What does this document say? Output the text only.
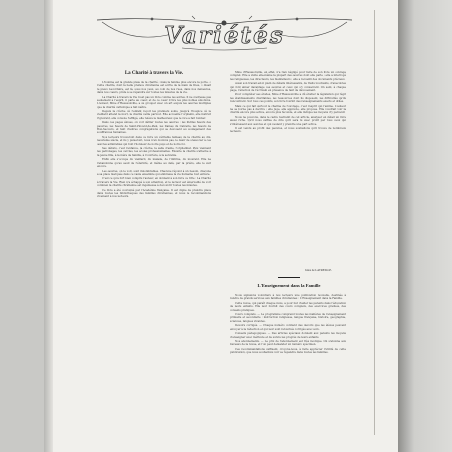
Variétés
La Charité à travers la Vie.

L'homme est la grande plaie de la charité ; mais la femme plus encore la porte. « Cette charité, dont la belle preface chrétienne est écrite de la main de Dieu, » disait le pieux Lacordaire, est là, sous nos yeux, au coin de nos rues, dans nos demeures, dans nos cœurs, prête à se répandre sur toutes les misères de la vie.

La Charité à travers la Vie n'est pas un livre comme les autres. Il ne s'adresse pas seulement à l'esprit, il parle au cœur, et de ce cœur il tire les plus nobles émotions. L'auteur, Mme d'Haussonville, a su grouper avec un art exquis les œuvres multiples que la charité catholique a fait naître.

Depuis la crèche où l'enfant reçoit les premiers soins, jusqu'à l'hospice où le vieillard attend la mort, la charité veille partout. Elle accueille l'orphelin, elle instruit l'ignorant, elle console l'affligé, elle relève le malheureux que le vice a fait tomber.

Dans ces pages émues, on voit défiler toutes les œuvres : les Petites Sœurs des pauvres, les Sœurs de Saint-Vincent-de-Paul, les Dames du Calvaire, les Sœurs de Bon-Secours, et tant d'autres congrégations qui se dévouent au soulagement des souffrances humaines.

Nos lecteurs trouveront dans ce livre un véritable tableau de la charité au dix-neuvième siècle, et ils y puiseront, nous n'en doutons pas, le désir de s'associer à ces œuvres admirables qui font l'honneur de notre pays et de notre foi.

Ses débuts, c'est l'enfance, la crèche, la salle d'asile, l'orphelinat. Puis viennent les patronages, les cercles, les écoles professionnelles. Ensuite la charité s'attache à la jeune fille, à la mère de famille, à l'ouvrière, à la servante.

Enfin elle s'occupe du vieillard, du malade, de l'infirme, du mourant. Elle ne l'abandonne qu'au seuil de l'éternité, et même au delà, par la prière, elle le suit encore.

Les œuvres, on le voit, sont innombrables. Chacune répond à un besoin, chacune a sa place marquée dans ce vaste ensemble qui embrasse la vie humaine tout entière.

C'est ce qu'a fort bien compris l'auteur, en donnant à son livre ce titre : La Charité à travers la Vie. Rien n'a échappé à son attention, et le lecteur est émerveillé de voir combien la charité chrétienne est ingénieuse à découvrir toutes les misères.

Ce livre a été couronné par l'Académie française. Il est digne de prendre place dans toutes les bibliothèques des familles chrétiennes, et nous le recommandons vivement à nos lecteurs.

Mme d'Haussonville, en effet, n'a rien négligé pour faire de son livre un ouvrage complet. Elle a visité elle-même la plupart des œuvres dont elle parle ; elle a interrogé les religieuses, les directeurs, les bienfaiteurs ; elle a recueilli des documents précieux.

Aussi son travail est-il plein de détails intéressants, de traits touchants, d'anecdotes qui font aimer davantage ces œuvres et ceux qui s'y consacrent. On sent, à chaque page, l'émotion de l'écrivain en présence de tant de dévouement.

Pour compléter ses études, Mme d'Haussonville a dû étudier la législation qui régit les établissements charitables, les ressources dont ils disposent, les difficultés qu'ils rencontrent. Sur tous ces points, son livre fournit des renseignements exacts et utiles.

Mais ce qui fait surtout le charme de l'ouvrage, c'est l'esprit qui l'anime. L'auteur ne se borne pas à décrire ; elle juge, elle apprécie, elle propose. Elle voudrait voir la charité encore plus active, encore plus féconde, et elle indique les moyens d'y parvenir.

Nous ne pouvons, dans le cadre restreint de cet article, analyser en détail un livre aussi riche. Qu'il nous suffise de dire qu'il sera lu avec profit par tous ceux qui s'intéressent aux œuvres et qui veulent y prendre une part active.

Il est vendu au profit des pauvres, et nous souhaitons qu'il trouve de nombreux lecteurs.

Jules de LATREILLE.
L'Enseignement dans la Famille

Nous signalons volontiers à nos lecteurs une publication nouvelle, destinée à rendre de grands services aux familles chrétiennes : L'Enseignement dans la Famille.

Cette revue, qui paraît chaque mois, a pour but d'aider les parents dans l'éducation de leurs enfants. Elle leur fournit des cours complets, des exercices gradués, des conseils pratiques.

Cours complets. — Le programme comprend toutes les matières de l'enseignement primaire et secondaire : instruction religieuse, langue française, histoire, géographie, sciences, langues vivantes.

Devoirs corrigés. — Chaque numéro contient des devoirs que les élèves peuvent envoyer à la rédaction et qui leur sont retournés corrigés avec soin.

Conseils pédagogiques. — Des articles spéciaux donnent aux parents les moyens d'enseigner avec méthode et de suivre les progrès de leurs enfants.

Nos abonnements. — Le prix de l'abonnement est très modique. On s'abonne aux bureaux de la revue, et l'on peut demander un numéro spécimen.

Ces recommandations suffisent, croyons-nous, à faire apprécier l'utilité de cette publication, que nous souhaitons voir se répandre dans toutes les familles.
